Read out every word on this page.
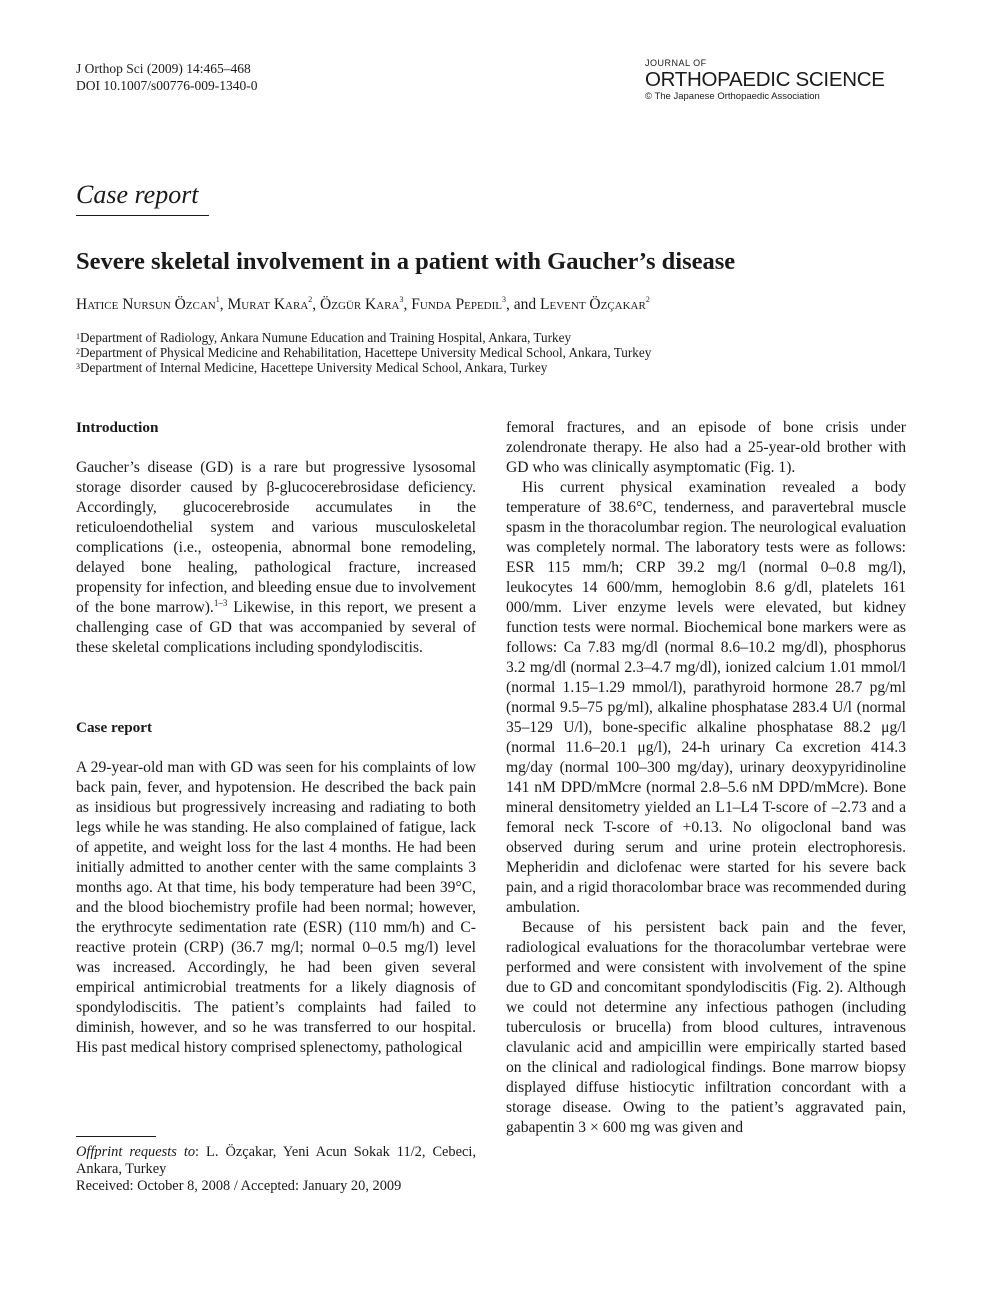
J Orthop Sci (2009) 14:465–468
DOI 10.1007/s00776-009-1340-0
JOURNAL OF
ORTHOPAEDIC SCIENCE
© The Japanese Orthopaedic Association
Case report
Severe skeletal involvement in a patient with Gaucher’s disease
Hatice Nursun Özcan$^1$, Murat Kara$^2$, Özgür Kara$^3$, Funda Pepedil$^3$, and Levent Özçakar$^2$
$^1$Department of Radiology, Ankara Numune Education and Training Hospital, Ankara, Turkey
$^2$Department of Physical Medicine and Rehabilitation, Hacettepe University Medical School, Ankara, Turkey
$^3$Department of Internal Medicine, Hacettepe University Medical School, Ankara, Turkey
Introduction

Gaucher’s disease (GD) is a rare but progressive lysosomal storage disorder caused by β-glucocerebrosidase deficiency. Accordingly, glucocerebroside accumulates in the reticuloendothelial system and various musculoskeletal complications (i.e., osteopenia, abnormal bone remodeling, delayed bone healing, pathological fracture, increased propensity for infection, and bleeding ensue due to involvement of the bone marrow).$^{1-3}$ Likewise, in this report, we present a challenging case of GD that was accompanied by several of these skeletal complications including spondylodiscitis.

Case report

A 29-year-old man with GD was seen for his complaints of low back pain, fever, and hypotension. He described the back pain as insidious but progressively increasing and radiating to both legs while he was standing. He also complained of fatigue, lack of appetite, and weight loss for the last 4 months. He had been initially admitted to another center with the same complaints 3 months ago. At that time, his body temperature had been 39°C, and the blood biochemistry profile had been normal; however, the erythrocyte sedimentation rate (ESR) (110 mm/h) and C-reactive protein (CRP) (36.7 mg/l; normal 0–0.5 mg/l) level was increased. Accordingly, he had been given several empirical antimicrobial treatments for a likely diagnosis of spondylodiscitis. The patient’s complaints had failed to diminish, however, and so he was transferred to our hospital. His past medical history comprised splenectomy, pathological

femoral fractures, and an episode of bone crisis under zolendronate therapy. He also had a 25-year-old brother with GD who was clinically asymptomatic (Fig. 1).

His current physical examination revealed a body temperature of 38.6°C, tenderness, and paravertebral muscle spasm in the thoracolumbar region. The neurological evaluation was completely normal. The laboratory tests were as follows: ESR 115 mm/h; CRP 39.2 mg/l (normal 0–0.8 mg/l), leukocytes 14 600/mm, hemoglobin 8.6 g/dl, platelets 161 000/mm. Liver enzyme levels were elevated, but kidney function tests were normal. Biochemical bone markers were as follows: Ca 7.83 mg/dl (normal 8.6–10.2 mg/dl), phosphorus 3.2 mg/dl (normal 2.3–4.7 mg/dl), ionized calcium 1.01 mmol/l (normal 1.15–1.29 mmol/l), parathyroid hormone 28.7 pg/ml (normal 9.5–75 pg/ml), alkaline phosphatase 283.4 U/l (normal 35–129 U/l), bone-specific alkaline phosphatase 88.2 μg/l (normal 11.6–20.1 μg/l), 24-h urinary Ca excretion 414.3 mg/day (normal 100–300 mg/day), urinary deoxypyridinoline 141 nM DPD/mMcre (normal 2.8–5.6 nM DPD/mMcre). Bone mineral densitometry yielded an L1–L4 T-score of –2.73 and a femoral neck T-score of +0.13. No oligoclonal band was observed during serum and urine protein electrophoresis. Mepheridin and diclofenac were started for his severe back pain, and a rigid thoracolombar brace was recommended during ambulation.

Because of his persistent back pain and the fever, radiological evaluations for the thoracolumbar vertebrae were performed and were consistent with involvement of the spine due to GD and concomitant spondylodiscitis (Fig. 2). Although we could not determine any infectious pathogen (including tuberculosis or brucella) from blood cultures, intravenous clavulanic acid and ampicillin were empirically started based on the clinical and radiological findings. Bone marrow biopsy displayed diffuse histiocytic infiltration concordant with a storage disease. Owing to the patient’s aggravated pain, gabapentin 3 × 600 mg was given and

Offprint requests to: L. Özçakar, Yeni Acun Sokak 11/2, Cebeci, Ankara, Turkey

Received: October 8, 2008 / Accepted: January 20, 2009
